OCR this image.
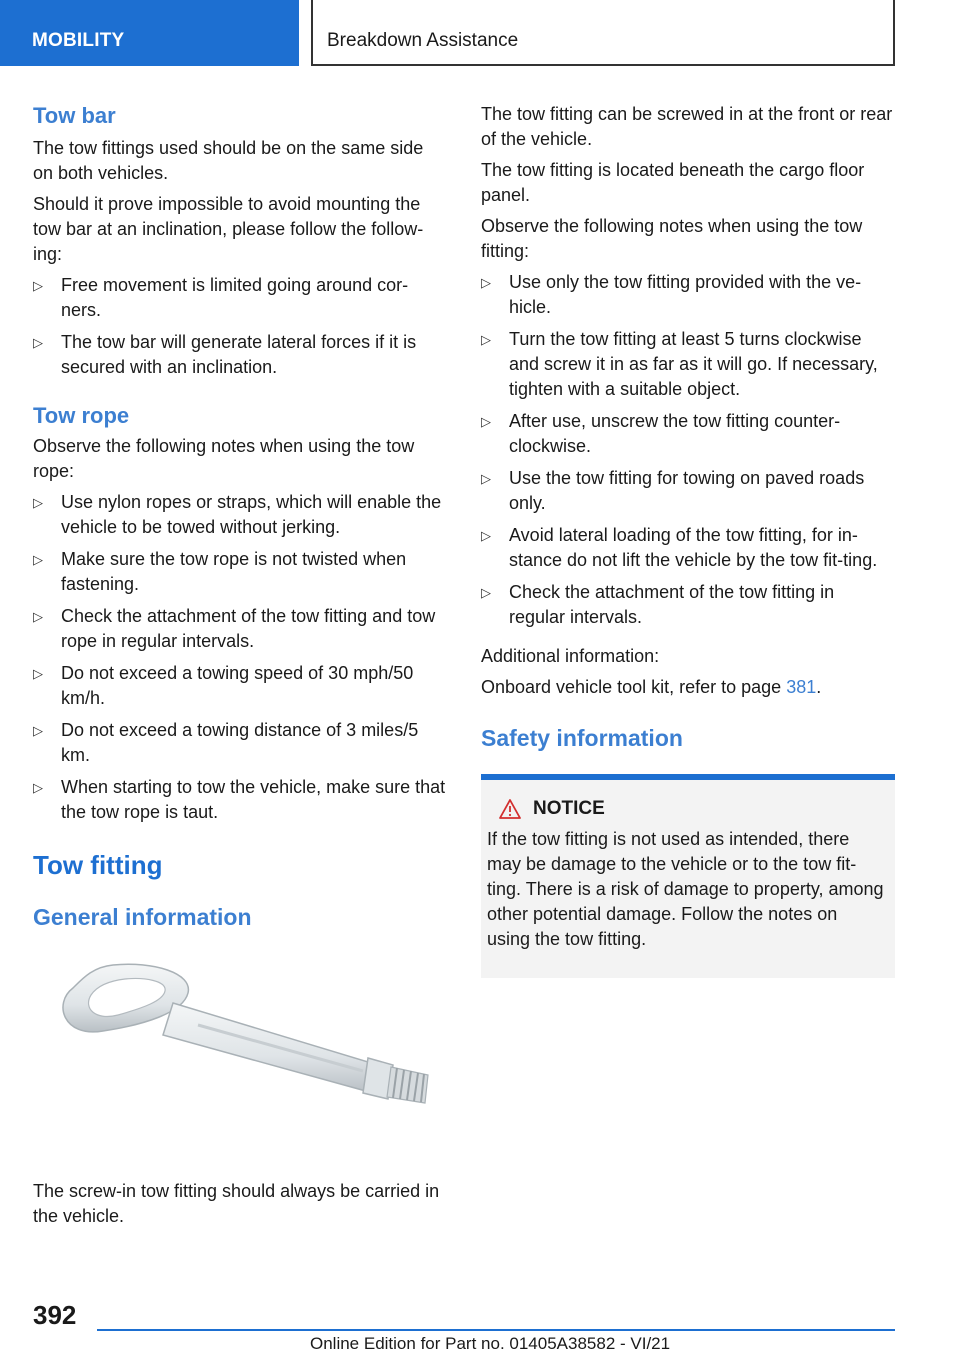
MOBILITY	Breakdown Assistance
Tow bar

The tow fittings used should be on the same side on both vehicles.

Should it prove impossible to avoid mounting the tow bar at an inclination, please follow the follow-ing:

▷ Free movement is limited going around cor-ners.
▷ The tow bar will generate lateral forces if it is secured with an inclination.
Tow rope

Observe the following notes when using the tow rope:

▷ Use nylon ropes or straps, which will enable the vehicle to be towed without jerking.
▷ Make sure the tow rope is not twisted when fastening.
▷ Check the attachment of the tow fitting and tow rope in regular intervals.
▷ Do not exceed a towing speed of 30 mph/50 km/h.
▷ Do not exceed a towing distance of 3 miles/5 km.
▷ When starting to tow the vehicle, make sure that the tow rope is taut.
Tow fitting
General information

The screw-in tow fitting should always be carried in the vehicle.

The tow fitting can be screwed in at the front or rear of the vehicle.

The tow fitting is located beneath the cargo floor panel.

Observe the following notes when using the tow fitting:

▷ Use only the tow fitting provided with the ve-hicle.
▷ Turn the tow fitting at least 5 turns clockwise and screw it in as far as it will go. If necessary, tighten with a suitable object.
▷ After use, unscrew the tow fitting counter-clockwise.
▷ Use the tow fitting for towing on paved roads only.
▷ Avoid lateral loading of the tow fitting, for in-stance do not lift the vehicle by the tow fit-ting.
▷ Check the attachment of the tow fitting in regular intervals.

Additional information:

Onboard vehicle tool kit, refer to page 381.

Safety information
NOTICE

If the tow fitting is not used as intended, there may be damage to the vehicle or to the tow fit-ting. There is a risk of damage to property, among other potential damage. Follow the notes on using the tow fitting.

392
Online Edition for Part no. 01405A38582 - VI/21
